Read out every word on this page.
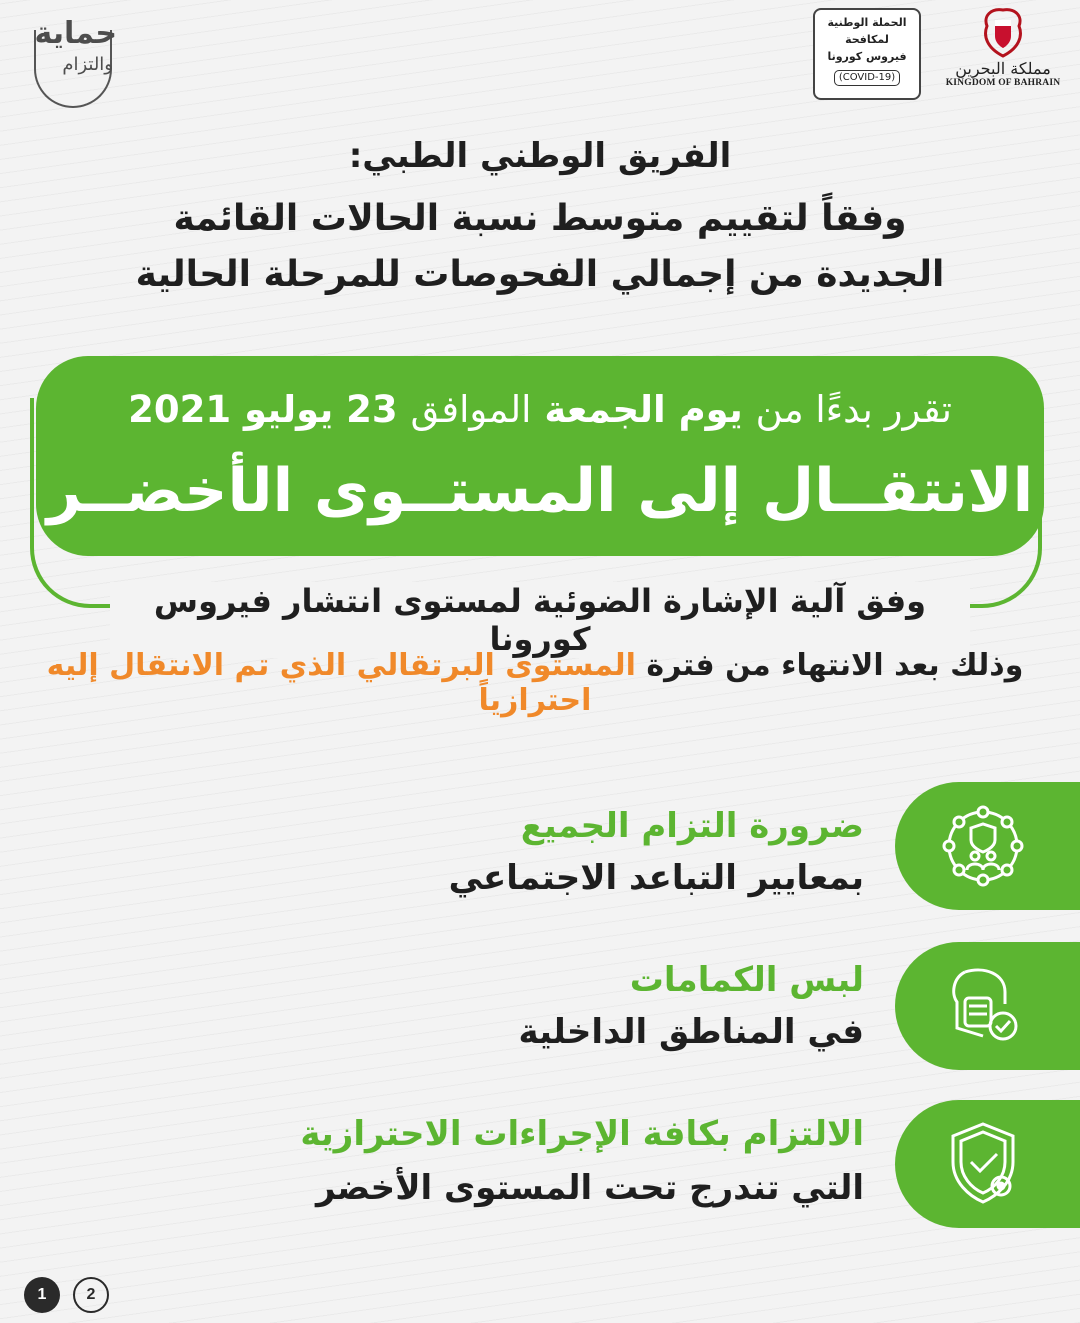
حماية
والتزام
الحملة الوطنية
لمكافحة
فيروس كورونا
(COVID-19)	مملكة البحرين
KINGDOM OF BAHRAIN
الفريق الوطني الطبي:
وفقاً لتقييم متوسط نسبة الحالات القائمة
الجديدة من إجمالي الفحوصات للمرحلة الحالية
تقرر بدءًا من يوم الجمعة الموافق 23 يوليو 2021
الانتقــال إلى المستــوى الأخضــر
وفق آلية الإشارة الضوئية لمستوى انتشار فيروس كورونا
وذلك بعد الانتهاء من فترة المستوى البرتقالي الذي تم الانتقال إليه احترازياً
ضرورة التزام الجميع
بمعايير التباعد الاجتماعي
لبس الكمامات
في المناطق الداخلية
الالتزام بكافة الإجراءات الاحترازية
التي تندرج تحت المستوى الأخضر
1	2
